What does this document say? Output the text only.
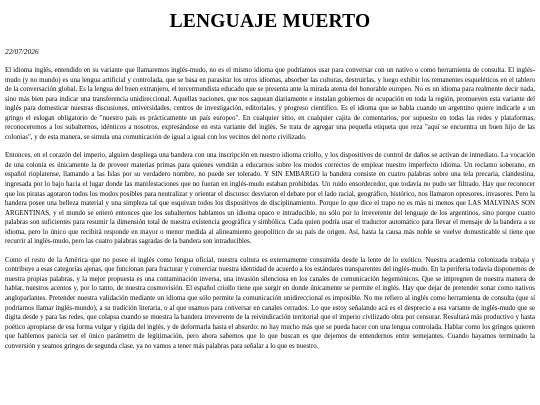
LENGUAJE MUERTO

22/07/2026

El idioma inglés, entendido en su variante que llamaremos inglés-mudo, no es el mismo idioma que podríamos usar para conversar con un nativo o como herramienta de consulta. El inglés-mudo (y no mundo) es una lengua artificial y controlada, que se basa en parasitar los otros idiomas, absorber las culturas, destruirlas, y luego exhibir los remanentes esqueléticos en el tablero de la conversación global. Es la lengua del buen extranjero, el tercermundista educado que se presenta ante la mirada atenta del honorable europeo. No es un idioma para realmente decir nada, sino más bien para indicar una transferencia unidireccional. Aquellas naciones, que nos saquean diariamente e instalan gobiernos de ocupación en toda la región, promueven esta variante del inglés para domesticar nuestras discusiones, universidades, centros de investigación, editoriales, y progreso científico. Es el idioma que se habla cuando un argentino quiere indicarle a un gringo el eslogan obligatorio de "nuestro país es prácticamente un país europeo". En cualquier sitio, en cualquier cajita de comentarios, por supuesto en todas las redes y plataformas, reconoceremos a los subalternos, idénticos a nosotros, expresándose en esta variante del inglés. Se trata de agregar una pequeña etiqueta que reza "aquí se encuentra un buen hijo de las colonias", y de esta manera, se simula una comunicación de igual a igual con los vecinos del norte civilizado.

Entonces, en el corazón del imperio, alguien despliega una bandera con una inscripción en nuestro idioma criollo, y los dispositivos de control de daños se activan de inmediato. La vocación de una colonia es únicamente la de proveer materias primas para quienes vendrán a educarnos sobre los modos correctos de emplear nuestro imperfecto idioma. Un reclamo soberano, en español rioplatense, llamando a las Islas por su verdadero nombre, no puede ser tolerado. Y SIN EMBARGO la bandera consiste en cuatro palabras sobre una tela precaria, clandestina, ingresada por lo bajo hacia el lugar donde las manifestaciones que no fueran en inglés-mudo estaban prohibidas. Un ruido ensordecedor, que todavía no pudo ser filtrado. Hay que reconocer que los piratas agotaron todos los modos posibles para neutralizar y orientar el discurso: desviaron el debate por el lado racial, geográfico, histórico, nos llamaron opresores, invasores. Pero la bandera posee una belleza material y una simpleza tal que esquivan todos los dispositivos de disciplinamiento. Porque lo que dice el trapo no es más ni menos que LAS MALVINAS SON ARGENTINAS, y el mundo se enteró entonces que los subalternos hablamos un idioma opaco e intraducible, no sólo por lo irreverente del lenguaje de los argentinos, sino porque cuatro palabras son suficientes para resumir la dimensión total de nuestra existencia geográfica y simbólica. Cada quien podría usar el traductor automático para llevar el mensaje de la bandera a su idioma, pero lo único que recibirá responde en mayor o menor medida al alineamiento geopolítico de su país de origen. Así, hasta la causa más noble se vuelve domesticable si tiene que recurrir al inglés-mudo, pero las cuatro palabras sagradas de la bandera son intraducibles.

Como el resto de la América que no posee el inglés como lengua oficial, nuestra cultura es externamente consumida desde la lente de lo exótico. Nuestra academia colonizada trabaja y contribuye a esas categorías ajenas, que funcionan para fracturar y comerciar nuestra identidad de acuerdo a los estándares transparentes del inglés-mudo. En la periferia todavía disponemos de nuestra propias palabras, y la mejor propuesta es una contaminación inversa, una invasión silenciosa en los canales de comunicación hegemónicos. Que se impregnen de nuestra manera de hablar, nuestros acentos y, por lo tanto, de nuestra cosmovisión. El español criollo tiene que surgir en donde únicamente se permite el inglés. Hay que dejar de pretender sonar como nativos angloparlantes. Pretender nuestra validación mediante un idioma que sólo permite la comunicación unidireccional es imposible. No me refiero al inglés como herramienta de consulta (que sí podríamos llamar inglés-mundo), a su tradición literaria, o al que usamos para conversar en canales cerrados. Lo que estoy señalando acá es el desprecio a esa variante de inglés-mudo que se digita desde y para las redes, que colapsa cuando se muestra la bandera irreverente de la reivindicación territorial que el imperio civilizado obra por censurar. Resultará más productivo y hasta poético apropiarse de esa forma vulgar y rígida del inglés, y de deformarla hasta el absurdo: no hay mucho más que se pueda hacer con una lengua controlada. Hablar como los gringos quieren que hablemos parecía ser el único parámetro de legitimación, pero ahora sabemos que lo que buscan es que dejemos de entendernos entre semejantes. Cuando hayamos terminado la conversión y seamos gringos de segunda clase, ya no vamos a tener más palabras para señalar a lo que es nuestro.
